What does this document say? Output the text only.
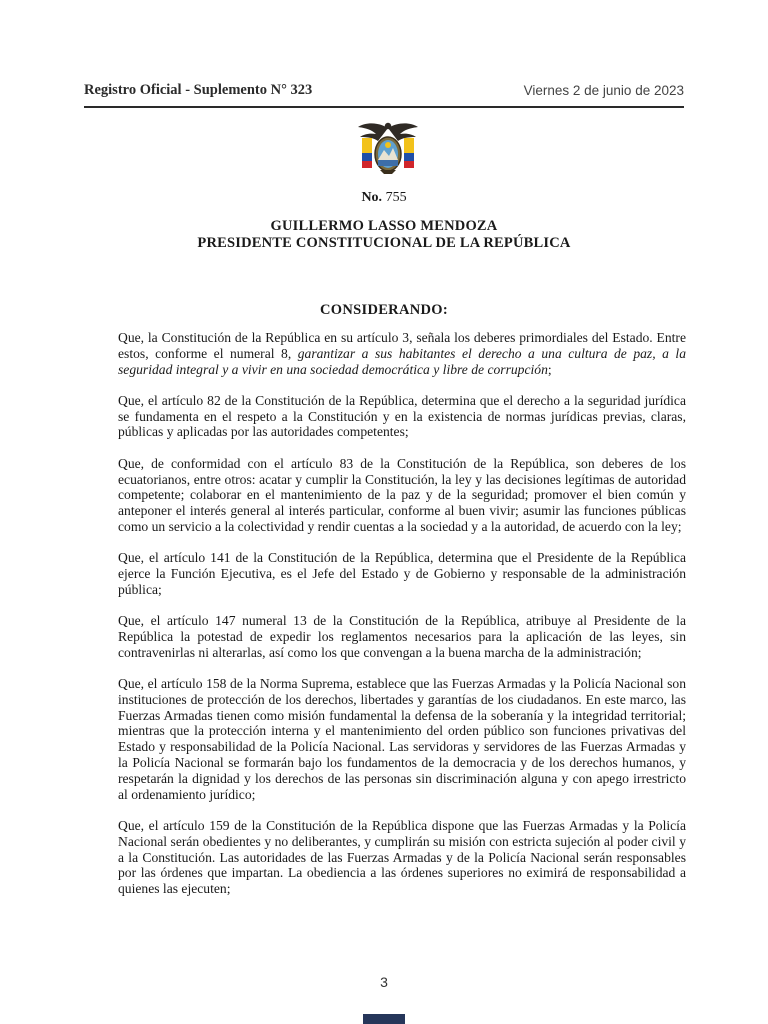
Registro Oficial - Suplemento N° 323	Viernes 2 de junio de 2023
No. 755
GUILLERMO LASSO MENDOZA
PRESIDENTE CONSTITUCIONAL DE LA REPÚBLICA
CONSIDERANDO:

Que, la Constitución de la República en su artículo 3, señala los deberes primordiales del Estado. Entre estos, conforme el numeral 8, garantizar a sus habitantes el derecho a una cultura de paz, a la seguridad integral y a vivir en una sociedad democrática y libre de corrupción;

Que, el artículo 82 de la Constitución de la República, determina que el derecho a la seguridad jurídica se fundamenta en el respeto a la Constitución y en la existencia de normas jurídicas previas, claras, públicas y aplicadas por las autoridades competentes;

Que, de conformidad con el artículo 83 de la Constitución de la República, son deberes de los ecuatorianos, entre otros: acatar y cumplir la Constitución, la ley y las decisiones legítimas de autoridad competente; colaborar en el mantenimiento de la paz y de la seguridad; promover el bien común y anteponer el interés general al interés particular, conforme al buen vivir; asumir las funciones públicas como un servicio a la colectividad y rendir cuentas a la sociedad y a la autoridad, de acuerdo con la ley;

Que, el artículo 141 de la Constitución de la República, determina que el Presidente de la República ejerce la Función Ejecutiva, es el Jefe del Estado y de Gobierno y responsable de la administración pública;

Que, el artículo 147 numeral 13 de la Constitución de la República, atribuye al Presidente de la República la potestad de expedir los reglamentos necesarios para la aplicación de las leyes, sin contravenirlas ni alterarlas, así como los que convengan a la buena marcha de la administración;

Que, el artículo 158 de la Norma Suprema, establece que las Fuerzas Armadas y la Policía Nacional son instituciones de protección de los derechos, libertades y garantías de los ciudadanos. En este marco, las Fuerzas Armadas tienen como misión fundamental la defensa de la soberanía y la integridad territorial; mientras que la protección interna y el mantenimiento del orden público son funciones privativas del Estado y responsabilidad de la Policía Nacional. Las servidoras y servidores de las Fuerzas Armadas y la Policía Nacional se formarán bajo los fundamentos de la democracia y de los derechos humanos, y respetarán la dignidad y los derechos de las personas sin discriminación alguna y con apego irrestricto al ordenamiento jurídico;

Que, el artículo 159 de la Constitución de la República dispone que las Fuerzas Armadas y la Policía Nacional serán obedientes y no deliberantes, y cumplirán su misión con estricta sujeción al poder civil y a la Constitución. Las autoridades de las Fuerzas Armadas y de la Policía Nacional serán responsables por las órdenes que impartan. La obediencia a las órdenes superiores no eximirá de responsabilidad a quienes las ejecuten;

3
